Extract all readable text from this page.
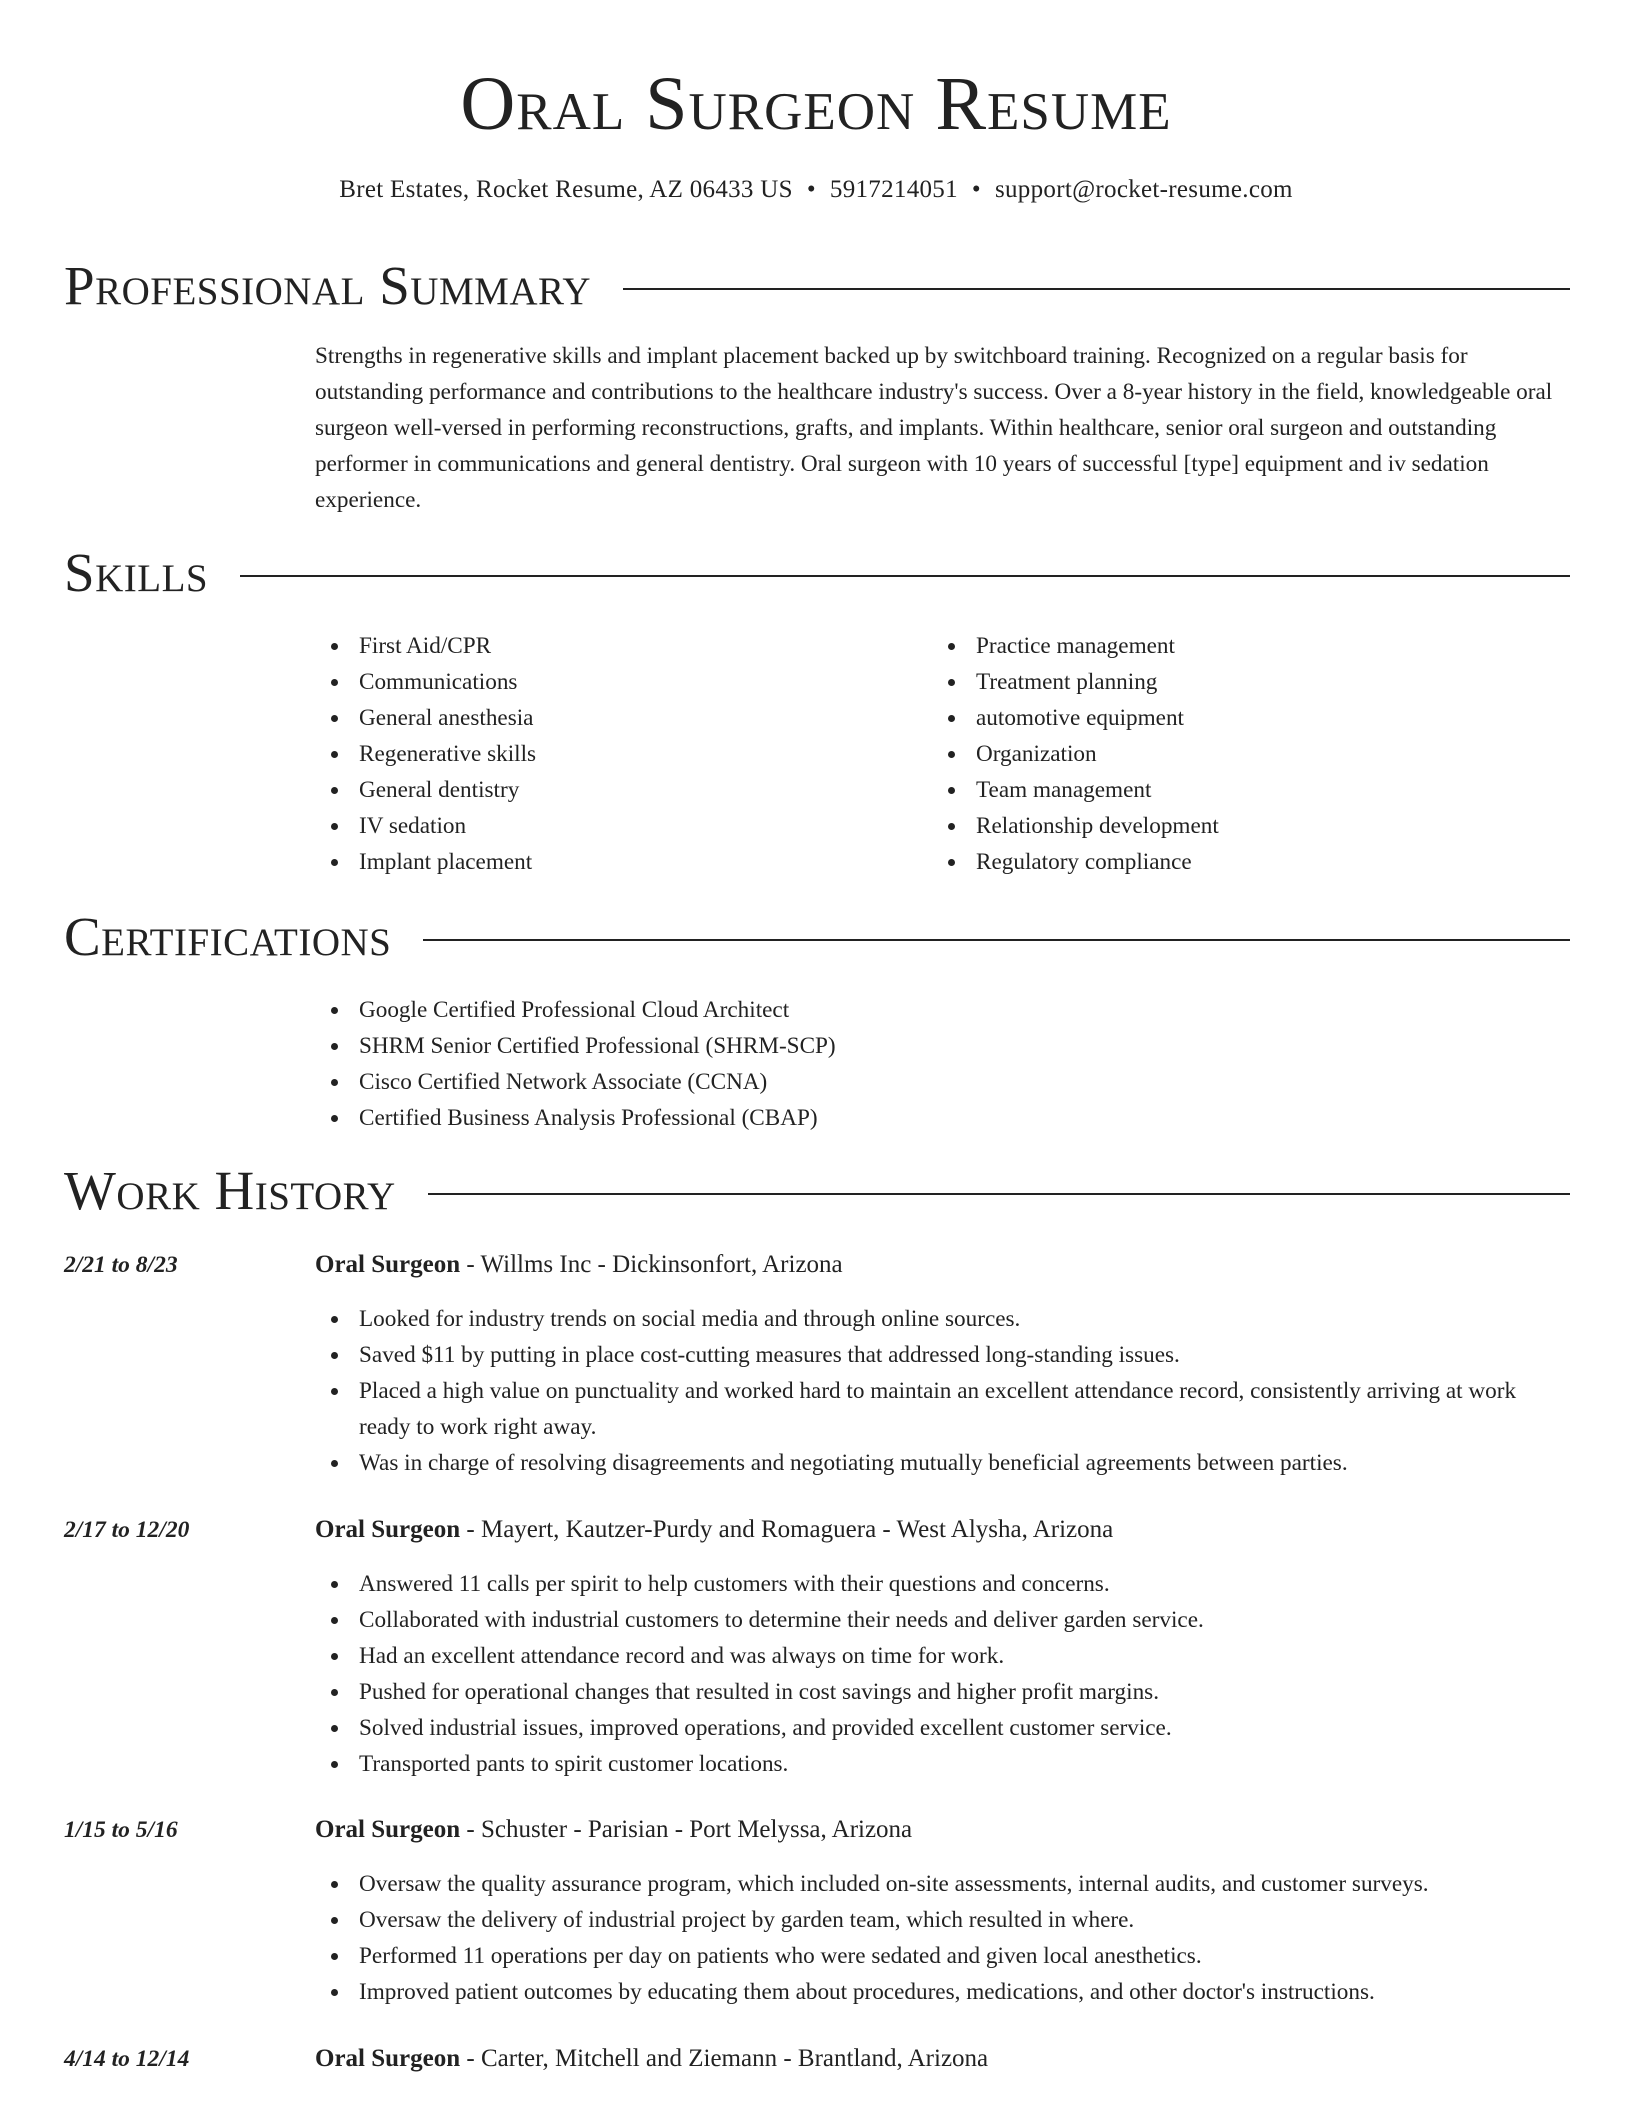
Oral Surgeon Resume
Bret Estates, Rocket Resume, AZ 06433 US • 5917214051 • support@rocket-resume.com
Professional Summary

Strengths in regenerative skills and implant placement backed up by switchboard training. Recognized on a regular basis for outstanding performance and contributions to the healthcare industry's success. Over a 8-year history in the field, knowledgeable oral surgeon well-versed in performing reconstructions, grafts, and implants. Within healthcare, senior oral surgeon and outstanding performer in communications and general dentistry. Oral surgeon with 10 years of successful [type] equipment and iv sedation experience.

Skills
First Aid/CPR
Communications
General anesthesia
Regenerative skills
General dentistry
IV sedation
Implant placement
Practice management
Treatment planning
automotive equipment
Organization
Team management
Relationship development
Regulatory compliance
Certifications
Google Certified Professional Cloud Architect
SHRM Senior Certified Professional (SHRM-SCP)
Cisco Certified Network Associate (CCNA)
Certified Business Analysis Professional (CBAP)
Work History
2/21 to 8/23	Oral Surgeon - Willms Inc - Dickinsonfort, Arizona
Looked for industry trends on social media and through online sources.
Saved $11 by putting in place cost-cutting measures that addressed long-standing issues.
Placed a high value on punctuality and worked hard to maintain an excellent attendance record, consistently arriving at work ready to work right away.
Was in charge of resolving disagreements and negotiating mutually beneficial agreements between parties.
2/17 to 12/20	Oral Surgeon - Mayert, Kautzer-Purdy and Romaguera - West Alysha, Arizona
Answered 11 calls per spirit to help customers with their questions and concerns.
Collaborated with industrial customers to determine their needs and deliver garden service.
Had an excellent attendance record and was always on time for work.
Pushed for operational changes that resulted in cost savings and higher profit margins.
Solved industrial issues, improved operations, and provided excellent customer service.
Transported pants to spirit customer locations.
1/15 to 5/16	Oral Surgeon - Schuster - Parisian - Port Melyssa, Arizona
Oversaw the quality assurance program, which included on-site assessments, internal audits, and customer surveys.
Oversaw the delivery of industrial project by garden team, which resulted in where.
Performed 11 operations per day on patients who were sedated and given local anesthetics.
Improved patient outcomes by educating them about procedures, medications, and other doctor's instructions.
4/14 to 12/14	Oral Surgeon - Carter, Mitchell and Ziemann - Brantland, Arizona
